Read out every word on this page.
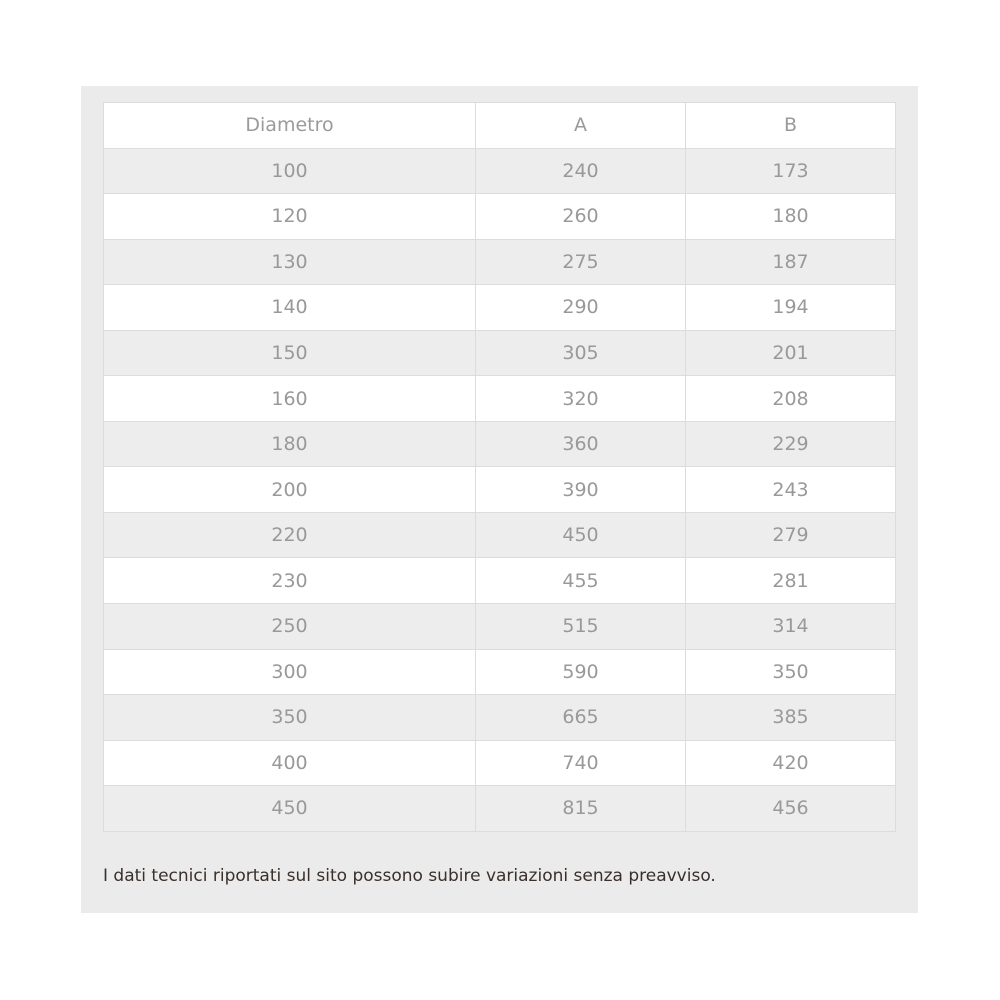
Diametro	A	B
100	240	173
120	260	180
130	275	187
140	290	194
150	305	201
160	320	208
180	360	229
200	390	243
220	450	279
230	455	281
250	515	314
300	590	350
350	665	385
400	740	420
450	815	456
I dati tecnici riportati sul sito possono subire variazioni senza preavviso.
